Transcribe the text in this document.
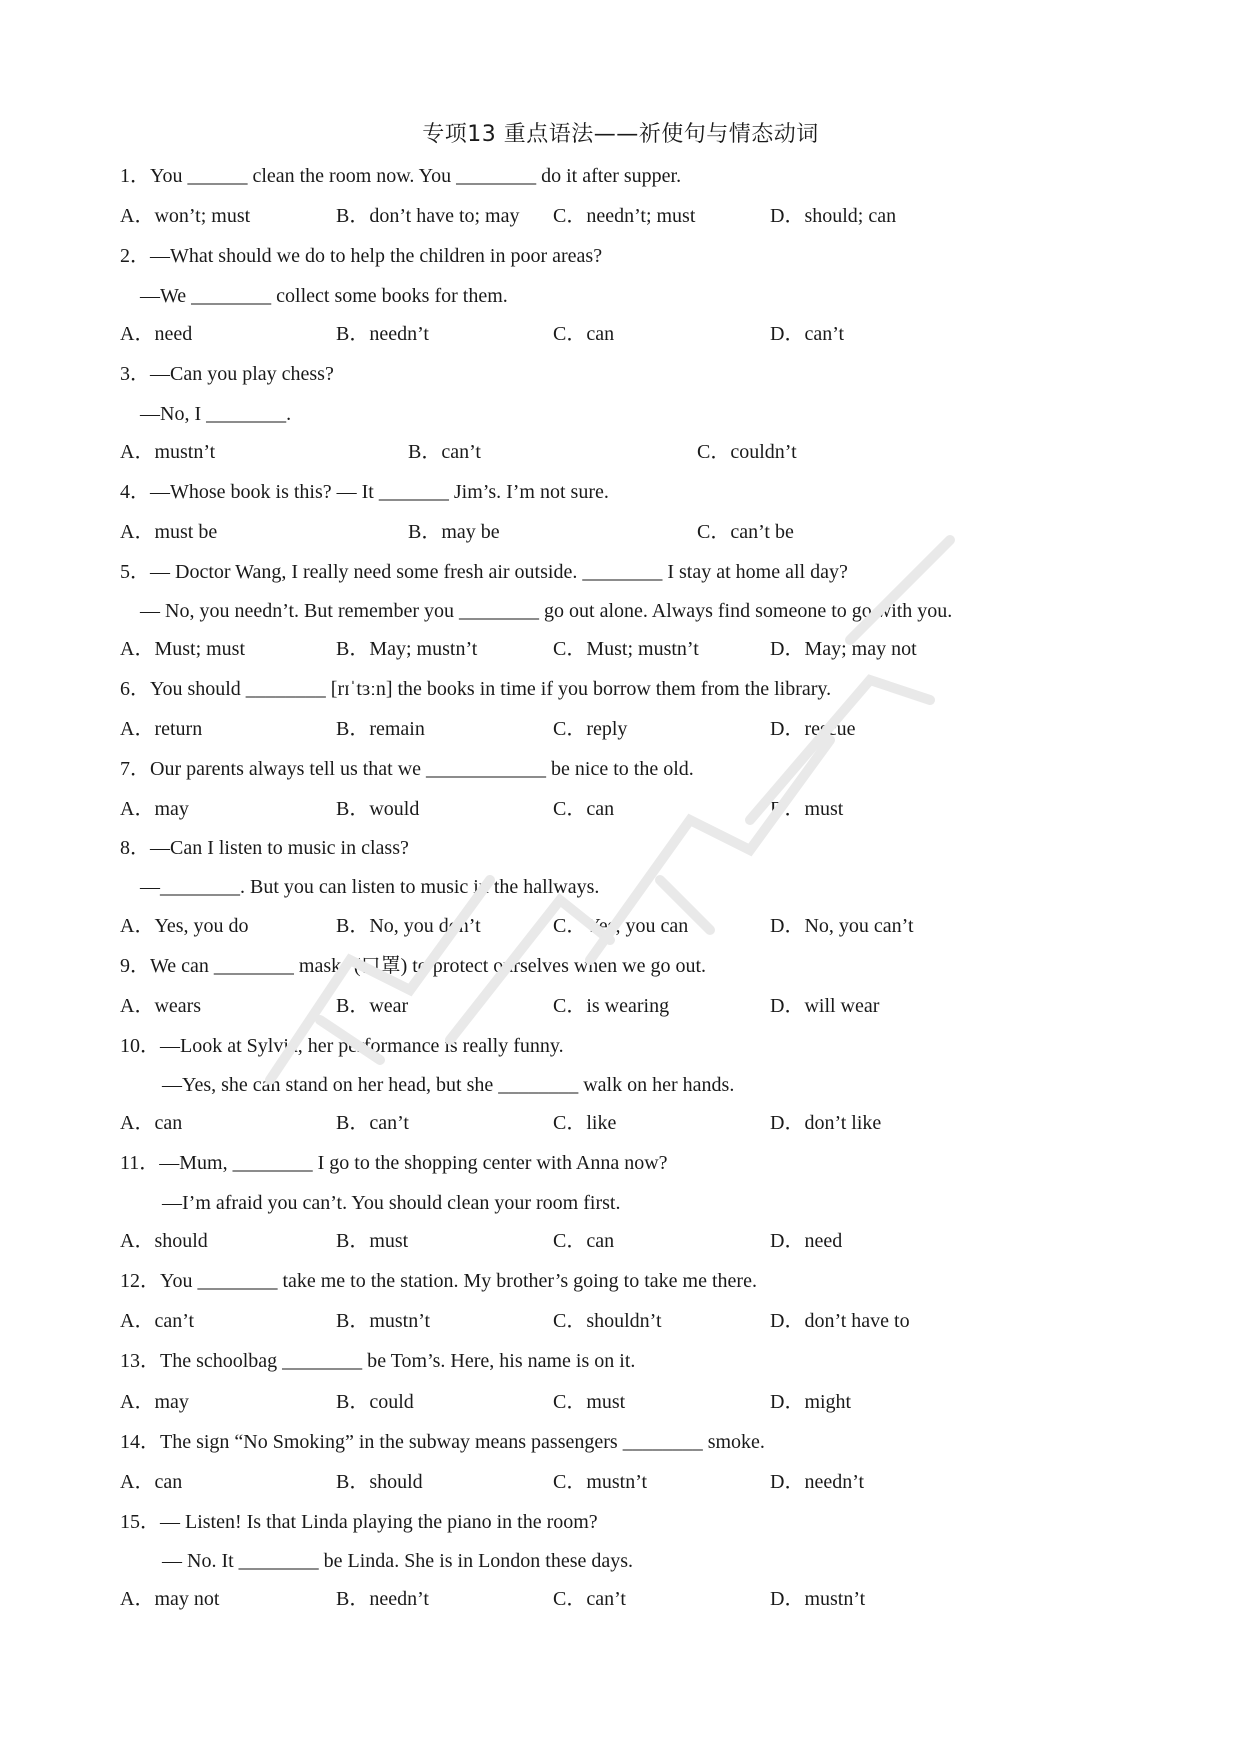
专项13 重点语法——祈使句与情态动词
1．You ______ clean the room now. You ________ do it after supper.
A．won’t; must	B．don’t have to; may C．needn’t; must	D．should; can
2．—What should we do to help the children in poor areas?
—We ________ collect some books for them.
A．need	B．needn’t	C．can	D．can’t
3．—Can you play chess?
—No, I ________.
A．mustn’t	B．can’t	C．couldn’t
4．—Whose book is this? — It _______ Jim’s. I’m not sure.
A．must be	B．may be	C．can’t be
5．— Doctor Wang, I really need some fresh air outside. ________ I stay at home all day?
— No, you needn’t. But remember you ________ go out alone. Always find someone to go with you.
A．Must; must	B．May; mustn’t	C．Must; mustn’t	D．May; may not
6．You should ________ [rɪˈtɜːn] the books in time if you borrow them from the library.
A．return	B．remain	C．reply	D．rescue
7．Our parents always tell us that we ____________ be nice to the old.
A．may	B．would	C．can	D．must
8．—Can I listen to music in class?
—________. But you can listen to music in the hallways.
A．Yes, you do	B．No, you don’t	C．Yes, you can	D．No, you can’t
9．We can ________ masks (口罩) to protect ourselves when we go out.
A．wears	B．wear	C．is wearing	D．will wear
10．—Look at Sylvia, her performance is really funny.
—Yes, she can stand on her head, but she ________ walk on her hands.
A．can	B．can’t	C．like	D．don’t like
11．—Mum, ________ I go to the shopping center with Anna now?
—I’m afraid you can’t. You should clean your room first.
A．should	B．must	C．can	D．need
12．You ________ take me to the station. My brother’s going to take me there.
A．can’t	B．mustn’t	C．shouldn’t	D．don’t have to
13．The schoolbag ________ be Tom’s. Here, his name is on it.
A．may	B．could	C．must	D．might
14．The sign “No Smoking” in the subway means passengers ________ smoke.
A．can	B．should	C．mustn’t	D．needn’t
15．— Listen! Is that Linda playing the piano in the room?
— No. It ________ be Linda. She is in London these days.
A．may not	B．needn’t	C．can’t	D．mustn’t
